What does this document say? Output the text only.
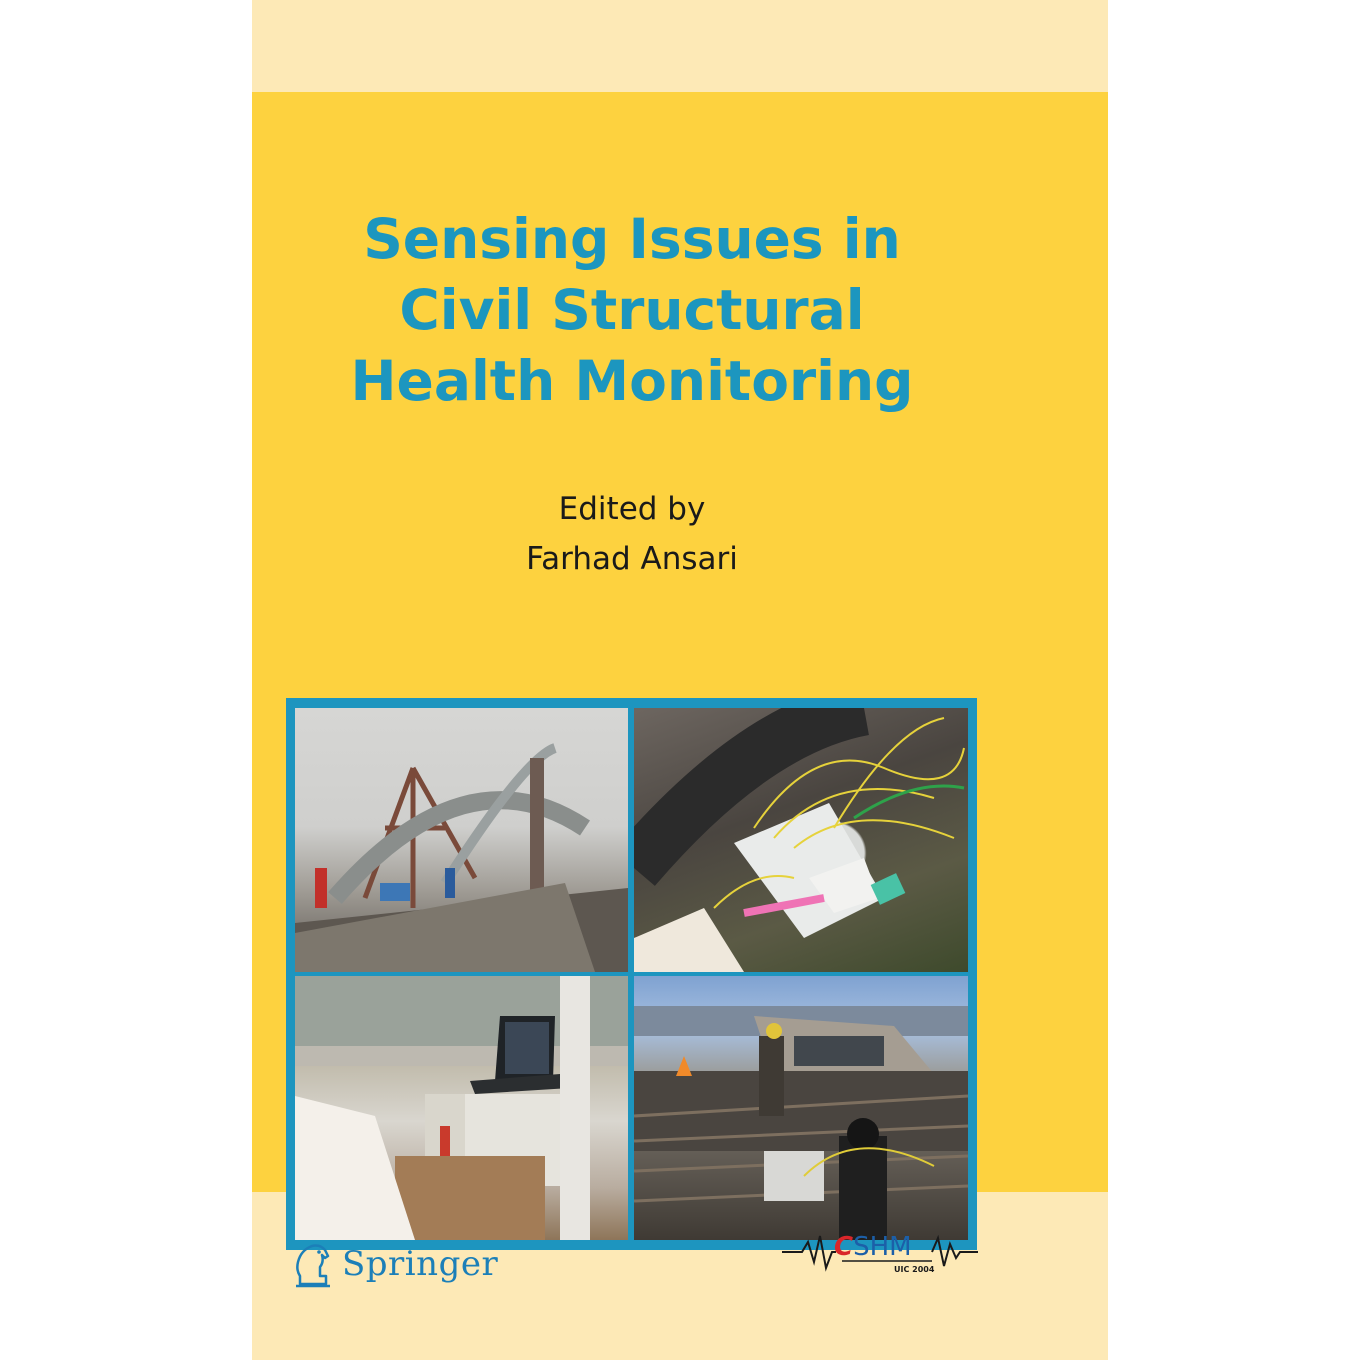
Sensing Issues in
Civil Structural
Health Monitoring
Edited by
Farhad Ansari
Springer	CSHM
UIC 2004
